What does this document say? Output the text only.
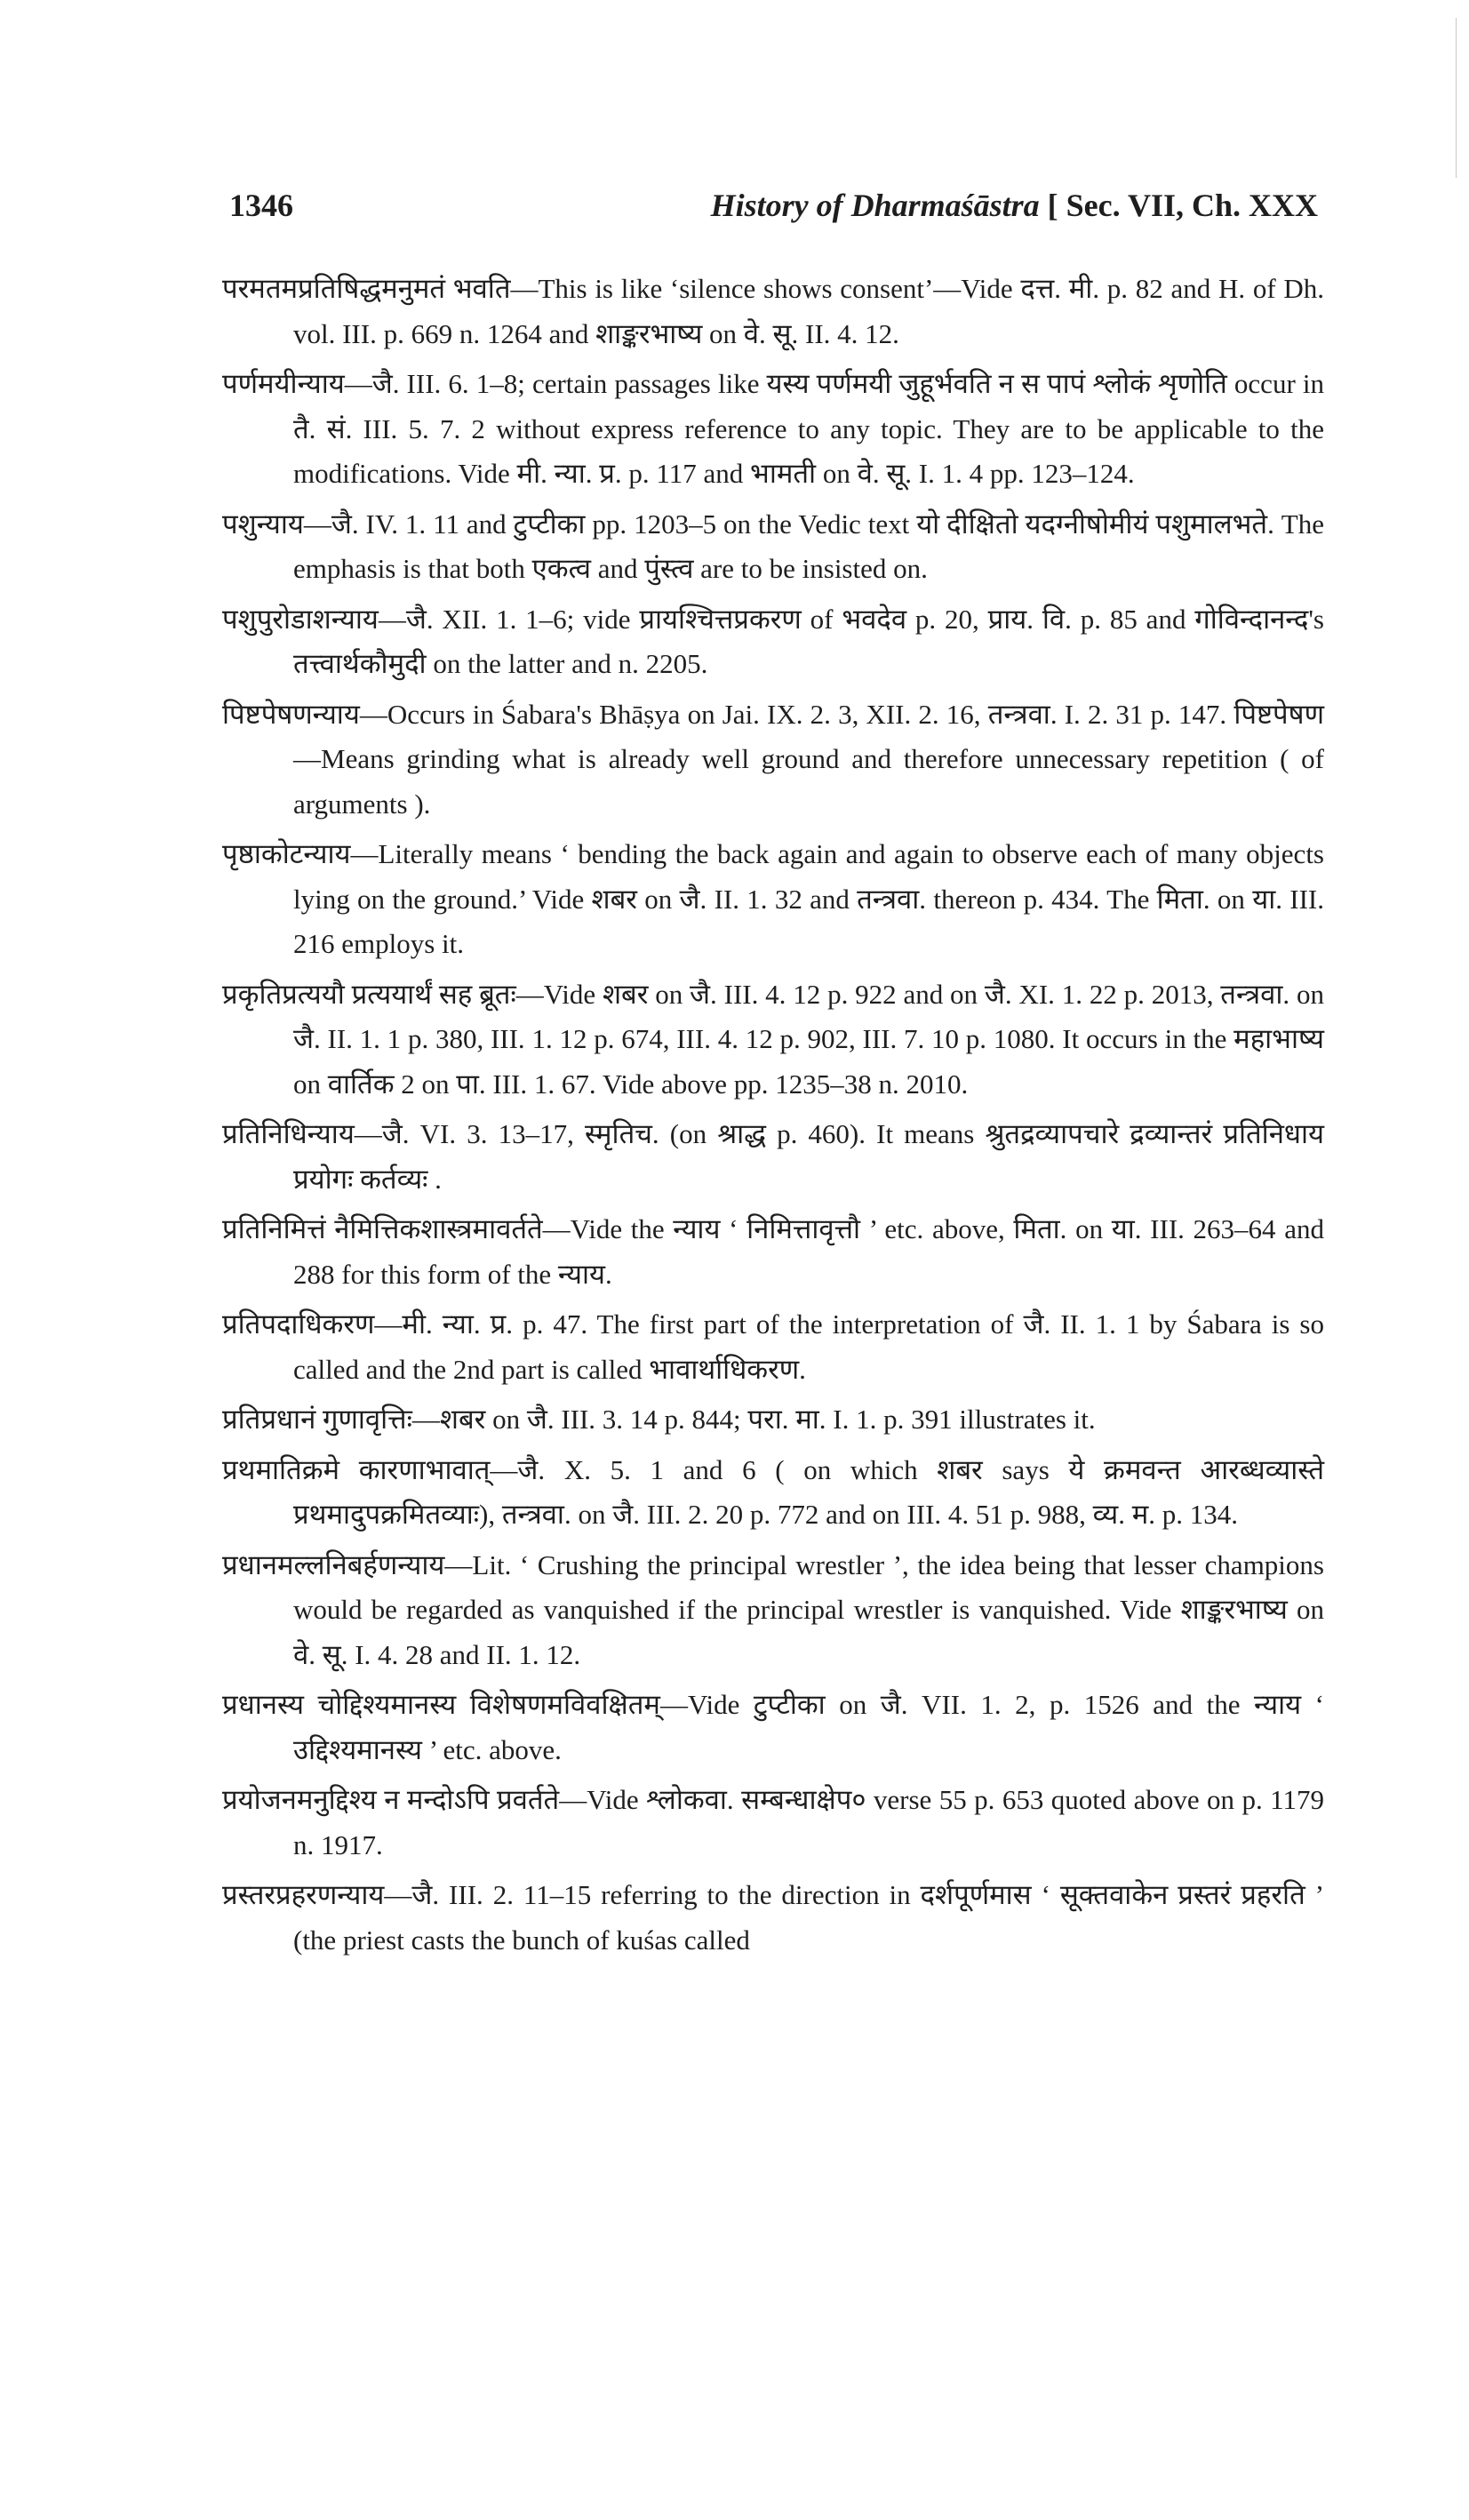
1346	History of Dharmaśāstra [ Sec. VII, Ch. XXX

परमतमप्रतिषिद्धमनुमतं भवति—This is like ‘silence shows consent’—Vide दत्त. मी. p. 82 and H. of Dh. vol. III. p. 669 n. 1264 and शाङ्करभाष्य on वे. सू. II. 4. 12.

पर्णमयीन्याय—जै. III. 6. 1–8; certain passages like यस्य पर्णमयी जुहूर्भवति न स पापं श्लोकं शृणोति occur in तै. सं. III. 5. 7. 2 without express reference to any topic. They are to be applicable to the modifications. Vide मी. न्या. प्र. p. 117 and भामती on वे. सू. I. 1. 4 pp. 123–124.

पशुन्याय—जै. IV. 1. 11 and टुप्टीका pp. 1203–5 on the Vedic text यो दीक्षितो यदग्नीषोमीयं पशुमालभते. The emphasis is that both एकत्व and पुंस्त्व are to be insisted on.

पशुपुरोडाशन्याय—जै. XII. 1. 1–6; vide प्रायश्चित्तप्रकरण of भवदेव p. 20, प्राय. वि. p. 85 and गोविन्दानन्द's तत्त्वार्थकौमुदी on the latter and n. 2205.

पिष्टपेषणन्याय—Occurs in Śabara's Bhāṣya on Jai. IX. 2. 3, XII. 2. 16, तन्त्रवा. I. 2. 31 p. 147. पिष्टपेषण—Means grinding what is already well ground and therefore unnecessary repetition ( of arguments ).

पृष्ठाकोटन्याय—Literally means ‘ bending the back again and again to observe each of many objects lying on the ground.’ Vide शबर on जै. II. 1. 32 and तन्त्रवा. thereon p. 434. The मिता. on या. III. 216 employs it.

प्रकृतिप्रत्ययौ प्रत्ययार्थं सह ब्रूतः—Vide शबर on जै. III. 4. 12 p. 922 and on जै. XI. 1. 22 p. 2013, तन्त्रवा. on जै. II. 1. 1 p. 380, III. 1. 12 p. 674, III. 4. 12 p. 902, III. 7. 10 p. 1080. It occurs in the महाभाष्य on वार्तिक 2 on पा. III. 1. 67. Vide above pp. 1235–38 n. 2010.

प्रतिनिधिन्याय—जै. VI. 3. 13–17, स्मृतिच. (on श्राद्ध p. 460). It means श्रुतद्रव्यापचारे द्रव्यान्तरं प्रतिनिधाय प्रयोगः कर्तव्यः .

प्रतिनिमित्तं नैमित्तिकशास्त्रमावर्तते—Vide the न्याय ‘ निमित्तावृत्तौ ’ etc. above, मिता. on या. III. 263–64 and 288 for this form of the न्याय.

प्रतिपदाधिकरण—मी. न्या. प्र. p. 47. The first part of the interpretation of जै. II. 1. 1 by Śabara is so called and the 2nd part is called भावार्थाधिकरण.

प्रतिप्रधानं गुणावृत्तिः—शबर on जै. III. 3. 14 p. 844; परा. मा. I. 1. p. 391 illustrates it.

प्रथमातिक्रमे कारणाभावात्—जै. X. 5. 1 and 6 ( on which शबर says ये क्रमवन्त आरब्धव्यास्ते प्रथमादुपक्रमितव्याः), तन्त्रवा. on जै. III. 2. 20 p. 772 and on III. 4. 51 p. 988, व्य. म. p. 134.

प्रधानमल्लनिबर्हणन्याय—Lit. ‘ Crushing the principal wrestler ’, the idea being that lesser champions would be regarded as vanquished if the principal wrestler is vanquished. Vide शाङ्करभाष्य on वे. सू. I. 4. 28 and II. 1. 12.

प्रधानस्य चोद्दिश्यमानस्य विशेषणमविवक्षितम्—Vide टुप्टीका on जै. VII. 1. 2, p. 1526 and the न्याय ‘ उद्दिश्यमानस्य ’ etc. above.

प्रयोजनमनुद्दिश्य न मन्दोऽपि प्रवर्तते—Vide श्लोकवा. सम्बन्धाक्षेप० verse 55 p. 653 quoted above on p. 1179 n. 1917.

प्रस्तरप्रहरणन्याय—जै. III. 2. 11–15 referring to the direction in दर्शपूर्णमास ‘ सूक्तवाकेन प्रस्तरं प्रहरति ’ (the priest casts the bunch of kuśas called
